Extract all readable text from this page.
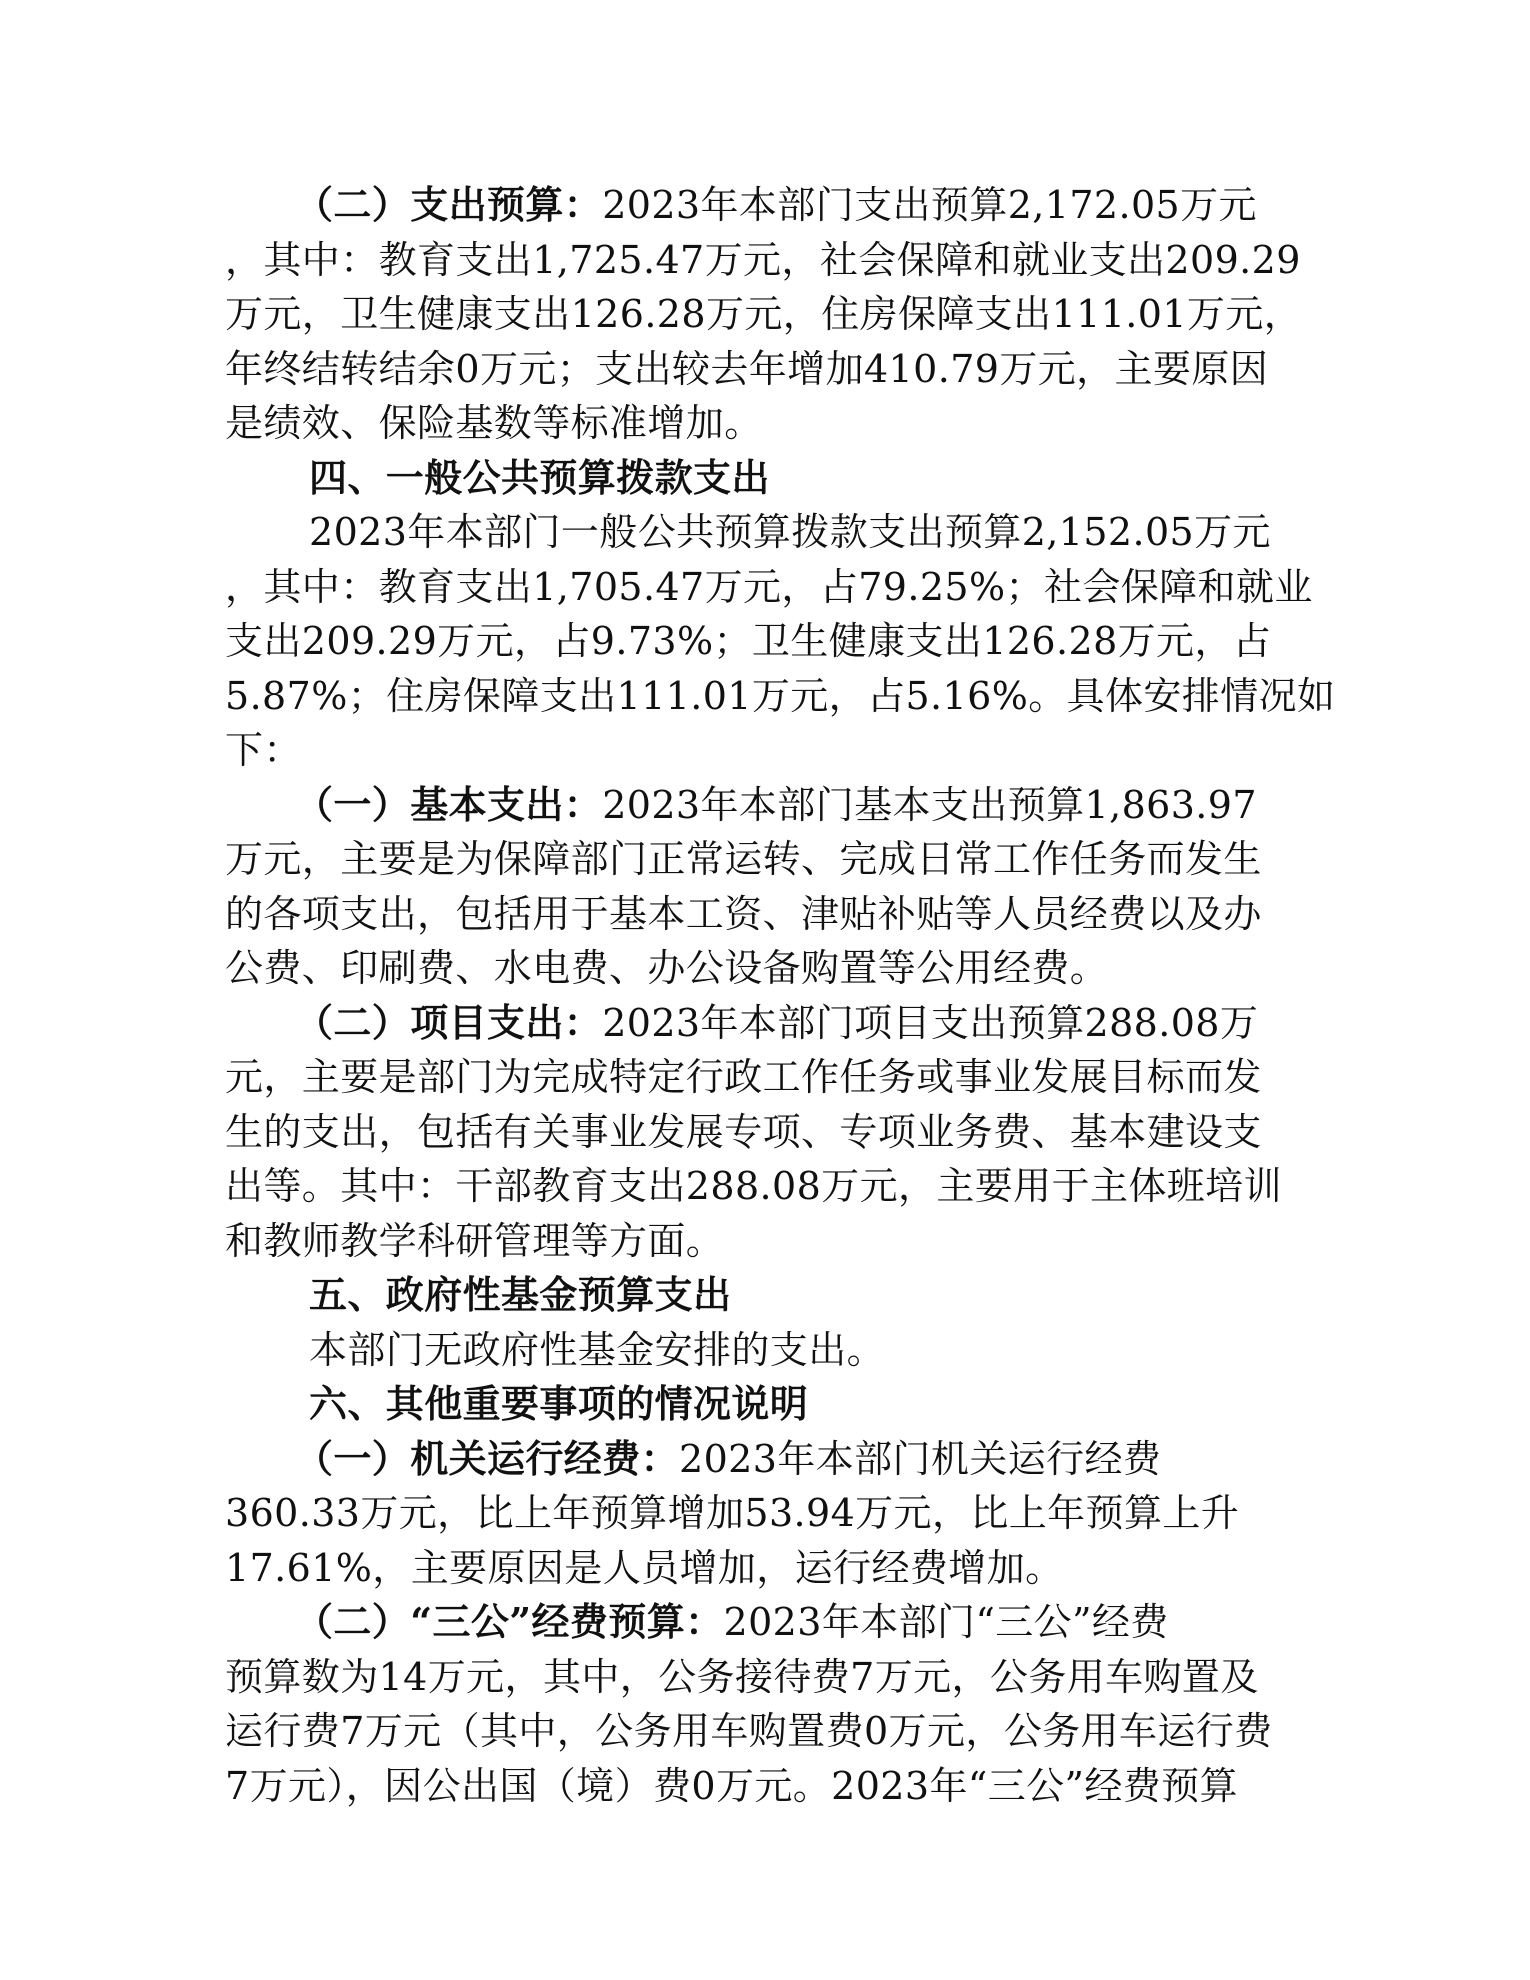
（二）支出预算：2023年本部门支出预算2,172.05万元
，其中：教育支出1,725.47万元，社会保障和就业支出209.29
万元，卫生健康支出126.28万元，住房保障支出111.01万元，
年终结转结余0万元；支出较去年增加410.79万元，主要原因
是绩效、保险基数等标准增加。
四、一般公共预算拨款支出
2023年本部门一般公共预算拨款支出预算2,152.05万元
，其中：教育支出1,705.47万元，占79.25%；社会保障和就业
支出209.29万元，占9.73%；卫生健康支出126.28万元，占
5.87%；住房保障支出111.01万元，占5.16%。具体安排情况如
下：
（一）基本支出：2023年本部门基本支出预算1,863.97
万元，主要是为保障部门正常运转、完成日常工作任务而发生
的各项支出，包括用于基本工资、津贴补贴等人员经费以及办
公费、印刷费、水电费、办公设备购置等公用经费。
（二）项目支出：2023年本部门项目支出预算288.08万
元，主要是部门为完成特定行政工作任务或事业发展目标而发
生的支出，包括有关事业发展专项、专项业务费、基本建设支
出等。其中：干部教育支出288.08万元，主要用于主体班培训
和教师教学科研管理等方面。
五、政府性基金预算支出
本部门无政府性基金安排的支出。
六、其他重要事项的情况说明
（一）机关运行经费：2023年本部门机关运行经费
360.33万元，比上年预算增加53.94万元，比上年预算上升
17.61%，主要原因是人员增加，运行经费增加。
（二）“三公”经费预算：2023年本部门“三公”经费
预算数为14万元，其中，公务接待费7万元，公务用车购置及
运行费7万元（其中，公务用车购置费0万元，公务用车运行费
7万元），因公出国（境）费0万元。2023年“三公”经费预算
